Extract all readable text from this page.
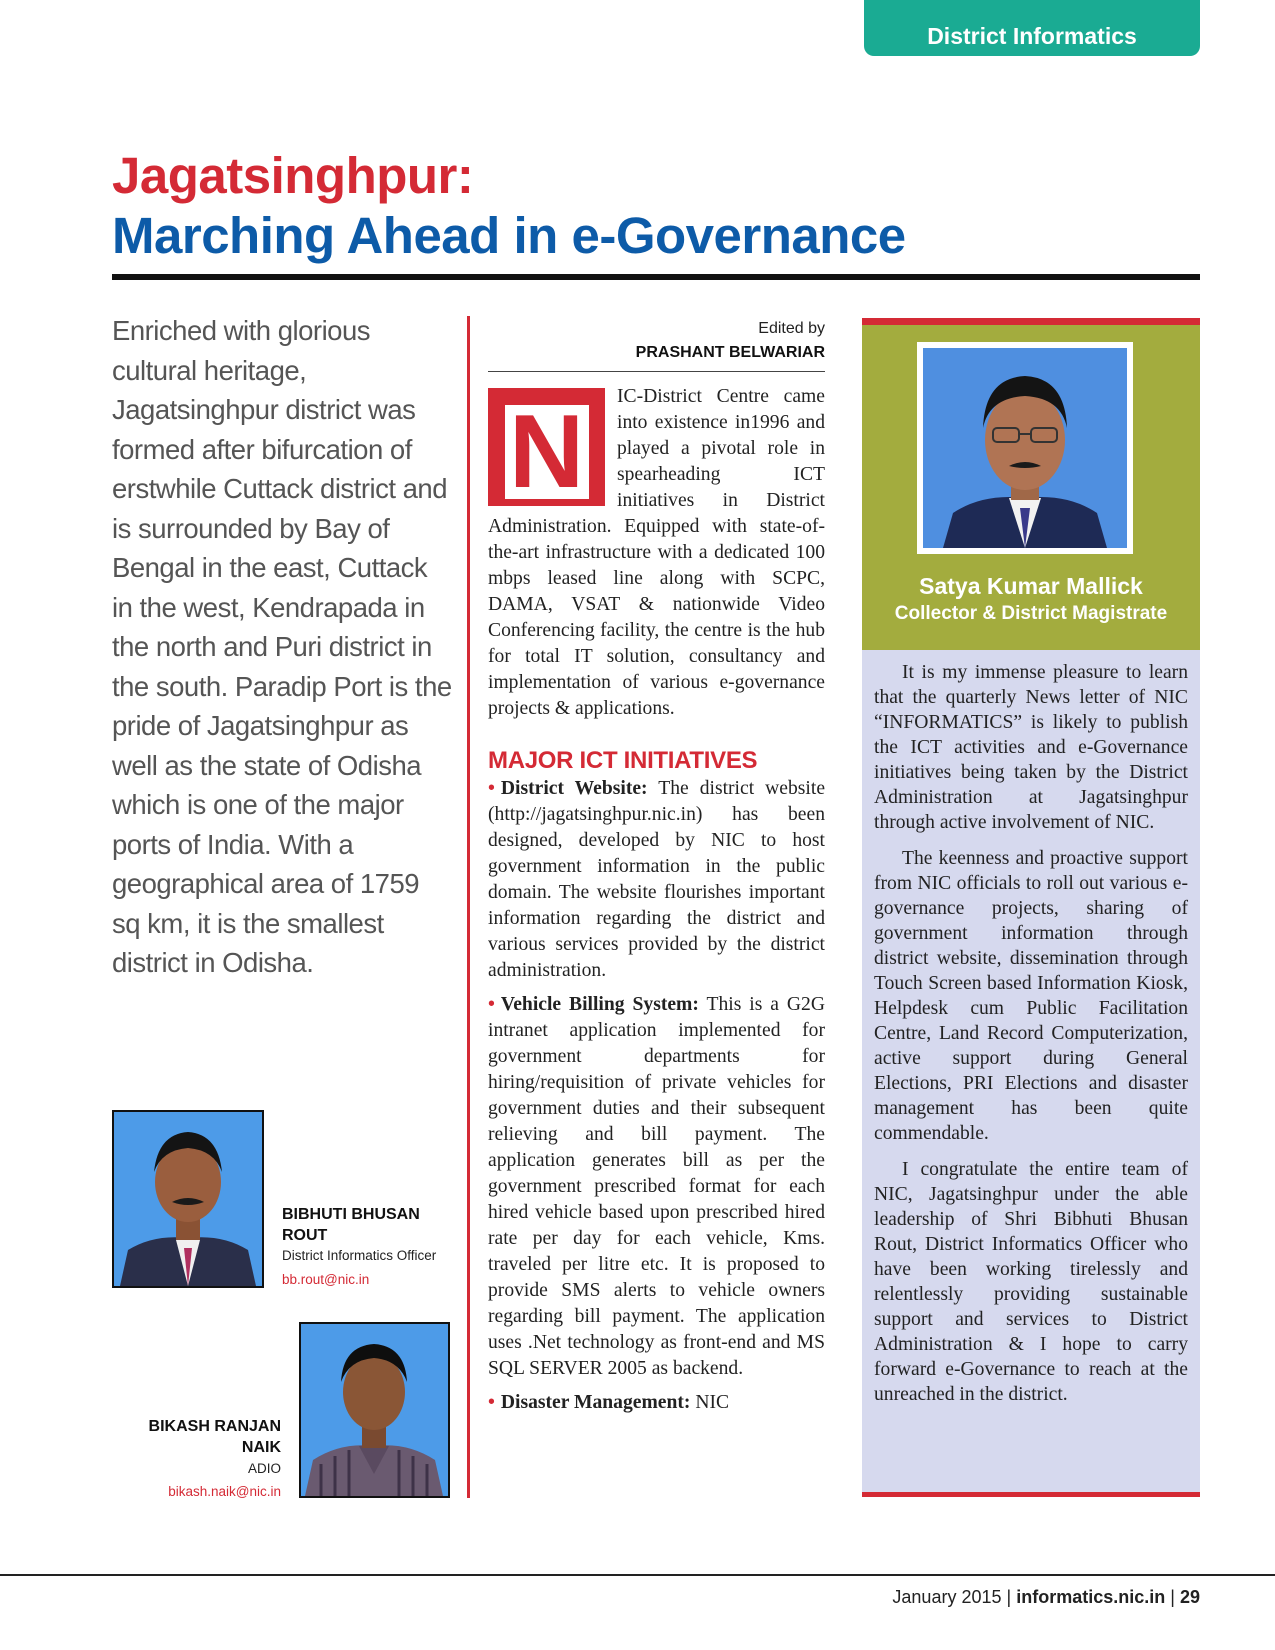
District Informatics
Jagatsinghpur:
Marching Ahead in e-Governance
Enriched with glorious cultural heritage, Jagatsinghpur district was formed after bifurcation of erstwhile Cuttack district and is surrounded by Bay of Bengal in the east, Cuttack in the west, Kendrapada in the north and Puri district in the south. Paradip Port is the pride of Jagatsinghpur as well as the state of Odisha which is one of the major ports of India. With a geographical area of 1759 sq km, it is the smallest district in Odisha.
Edited by
PRASHANT BELWARIAR
N	IC-District Centre came into existence in1996 and played a pivotal role in spearheading ICT initiatives in District Administration. Equipped with state-of-the-art infrastructure with a dedicated 100 mbps leased line along with SCPC, DAMA, VSAT & nationwide Video Conferencing facility, the centre is the hub for total IT solution, consultancy and implementation of various e-governance projects & applications.

MAJOR ICT INITIATIVES

• District Website: The district website (http://jagatsinghpur.nic.in) has been designed, developed by NIC to host government information in the public domain. The website flourishes important information regarding the district and various services provided by the district administration.

• Vehicle Billing System: This is a G2G intranet application implemented for government departments for hiring/requisition of private vehicles for government duties and their subsequent relieving and bill payment. The application generates bill as per the government prescribed format for each hired vehicle based upon prescribed hired rate per day for each vehicle, Kms. traveled per litre etc. It is proposed to provide SMS alerts to vehicle owners regarding bill payment. The application uses .Net technology as front-end and MS SQL SERVER 2005 as backend.

• Disaster Management: NIC

Satya Kumar Mallick
Collector & District Magistrate

It is my immense pleasure to learn that the quarterly News letter of NIC “INFORMATICS” is likely to publish the ICT activities and e-Governance initiatives being taken by the District Administration at Jagatsinghpur through active involvement of NIC.

The keenness and proactive support from NIC officials to roll out various e-governance projects, sharing of government information through district website, dissemination through Touch Screen based Information Kiosk, Helpdesk cum Public Facilitation Centre, Land Record Computerization, active support during General Elections, PRI Elections and disaster management has been quite commendable.

I congratulate the entire team of NIC, Jagatsinghpur under the able leadership of Shri Bibhuti Bhusan Rout, District Informatics Officer who have been working tirelessly and relentlessly providing sustainable support and services to District Administration & I hope to carry forward e-Governance to reach at the unreached in the district.

BIBHUTI BHUSAN ROUT
District Informatics Officer
bb.rout@nic.in
BIKASH RANJAN NAIK
ADIO
bikash.naik@nic.in
January 2015 | informatics.nic.in | 29
